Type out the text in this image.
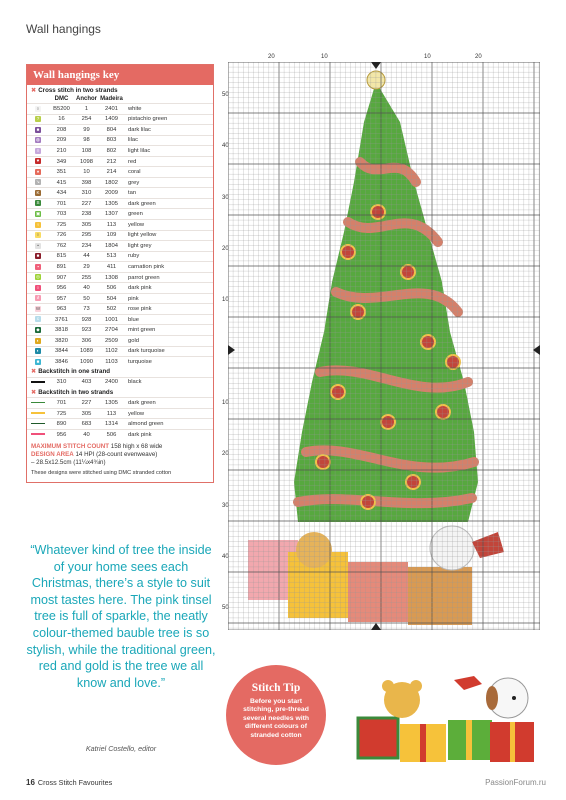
Wall hangings
Wall hangings key
✖ Cross stitch in two strands
	DMC	Anchor	Madeira	
○	B5200	1	2401	white
?	16	254	1409	pistachio green
■	208	99	804	dark lilac
◍	209	98	803	lilac
◊	210	108	802	light lilac
♥	349	1098	212	red
♦	351	10	214	coral
↘	415	398	1802	grey
K	434	310	2009	tan
S	701	227	1305	dark green
▣	703	238	1307	green
♀	725	305	113	yellow
○	726	295	109	light yellow
•	762	234	1804	light grey
■	815	44	513	ruby
▪	891	29	411	carnation pink
◎	907	255	1308	parrot green
○	956	40	506	dark pink
∂	957	50	504	pink
W	963	73	502	rose pink
c	3761	928	1001	blue
◆	3818	923	2704	mint green
◐	3820	306	2509	gold
◐	3844	1089	1102	dark turquoise
■	3846	1090	1103	turquoise
✖ Backstitch in one strand
	310	403	2400	black
✖ Backstitch in two strands
	701	227	1305	dark green
	725	305	113	yellow
	890	683	1314	almond green
	956	40	506	dark pink
MAXIMUM STITCH COUNT 158 high x 68 wide
DESIGN AREA 14 HPI (28-count evenweave)
– 28.5x12.5cm (11¼x4¾in)
These designs were stitched using DMC stranded cotton
“Whatever kind of tree the inside of your home sees each Christmas, there’s a style to suit most tastes here. The pink tinsel tree is full of sparkle, the neatly colour-themed bauble tree is so stylish, while the traditional green, red and gold is the tree we all know and love.”
Katriel Costello, editor
20	10	10	20
50
40
30
20
10
10
20
30
40
50
Stitch Tip
Before you start stitching, pre-thread several needles with different colours of stranded cotton
16 Cross Stitch Favourites	PassionForum.ru
